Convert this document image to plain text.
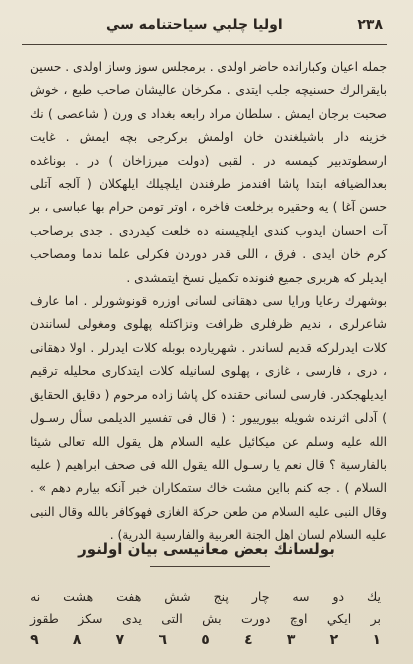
٢٣٨
اوليا چلبي سياحتنامه سي

جمله اعيان وكبارانده حاضر اولدی . برمجلس سوز وساز اولدی . حسين بايقرالرك حسنيچه جلب ايتدی . مكرخان عاليشان صاحب طبع ، خوش صحبت برجان ايمش . سلطان مراد رابعه بغداد ی ورن ( شاعصی ) نك خزينه دار باشيلغندن خان اولمش بركرجی بچه ايمش . غايت ارسطوتدبير كيمسه در . لقبی (دولت ميرزاخان ) در . بوناغده بعدالضيافه ابتدا پاشا افندمز طرفندن ايلچيلك ايلهكلان ( آلجه آتلی حسن آغا ) يه وحقيره برخلعت فاخره ، اوتر تومن حرام بها عباسی ، بر آت احسان ايدوب كندی ايلچيسنه ده خلعت كيدردی . جدی برصاحب كرم خان ايدی . فرق ، اللی قدر دوردن فكرلی علما ندما ومصاحب ايديلر كه هربری جميع فنونده تكميل نسخ ايتمشدی .

بوشهرك رعايا ورايا سی دهقانی لسانی اوزره قونوشورلر . اما عارف شاعرلری ، نديم ظرفلری ظرافت ونزاكتله پهلوی ومغولی لسانندن كلات ايدرلركه قديم لساندر . شهريارده بوبله كلات ايدرلر . اولا دهقانی ، دری ، فارسی ، غازی ، پهلوی لسانيله كلات ايتدكاری محليله ترقيم ايديلهجكدر. فارسی لسانی حقنده كل پاشا زاده مرحوم ( دقايق الحقايق ) آدلی اثرنده شويله بيورييور : ( قال فی تفسير الديلمی سأل رسـول الله عليه وسلم عن ميكائيل عليه السلام هل يقول الله تعالی شيئا بالفارسية ؟ قال نعم يا رسـول الله يقول الله فی صحف ابراهيم ( عليه السلام ) . جه كنم بااين مشت خاك ستمكاران خبر آنكه بيارم دهم » . وقال النبی عليه السلام من طعن حركة الغازی فهوكافر بالله وقال النبی عليه السلام لسان اهل الجنة العربية والفارسية الدرية) .

بولسانك بعض معانيسی بيان اولنور
يك
دو
سه
چار
پنج
شش
هفت
هشت
نه
بر
ايكي
اوچ
دورت
بش
التی
يدی
سكز
طقوز
١
٢
٣
٤
٥
٦
٧
٨
٩
